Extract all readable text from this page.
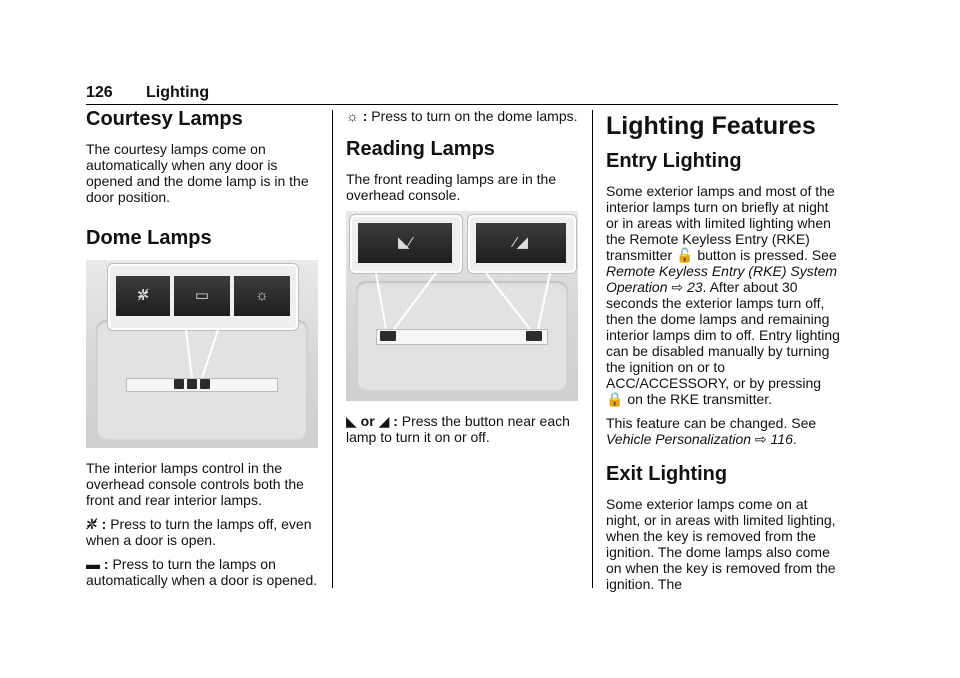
126 Lighting
Courtesy Lamps

The courtesy lamps come on automatically when any door is opened and the dome lamp is in the door position.

Dome Lamps
✲̸	▭	☼

The interior lamps control in the overhead console controls both the front and rear interior lamps.

✲̸ : Press to turn the lamps off, even when a door is open.

▬ : Press to turn the lamps on automatically when a door is opened.

☼ : Press to turn on the dome lamps.

Reading Lamps

The front reading lamps are in the overhead console.

◣⁄	⁄◢

◣ or ◢ : Press the button near each lamp to turn it on or off.

Lighting Features
Entry Lighting

Some exterior lamps and most of the interior lamps turn on briefly at night or in areas with limited lighting when the Remote Keyless Entry (RKE) transmitter 🔓 button is pressed. See Remote Keyless Entry (RKE) System Operation ⇨ 23. After about 30 seconds the exterior lamps turn off, then the dome lamps and remaining interior lamps dim to off. Entry lighting can be disabled manually by turning the ignition on or to ACC/ACCESSORY, or by pressing 🔒 on the RKE transmitter.

This feature can be changed. See Vehicle Personalization ⇨ 116.

Exit Lighting

Some exterior lamps come on at night, or in areas with limited lighting, when the key is removed from the ignition. The dome lamps also come on when the key is removed from the ignition. The
